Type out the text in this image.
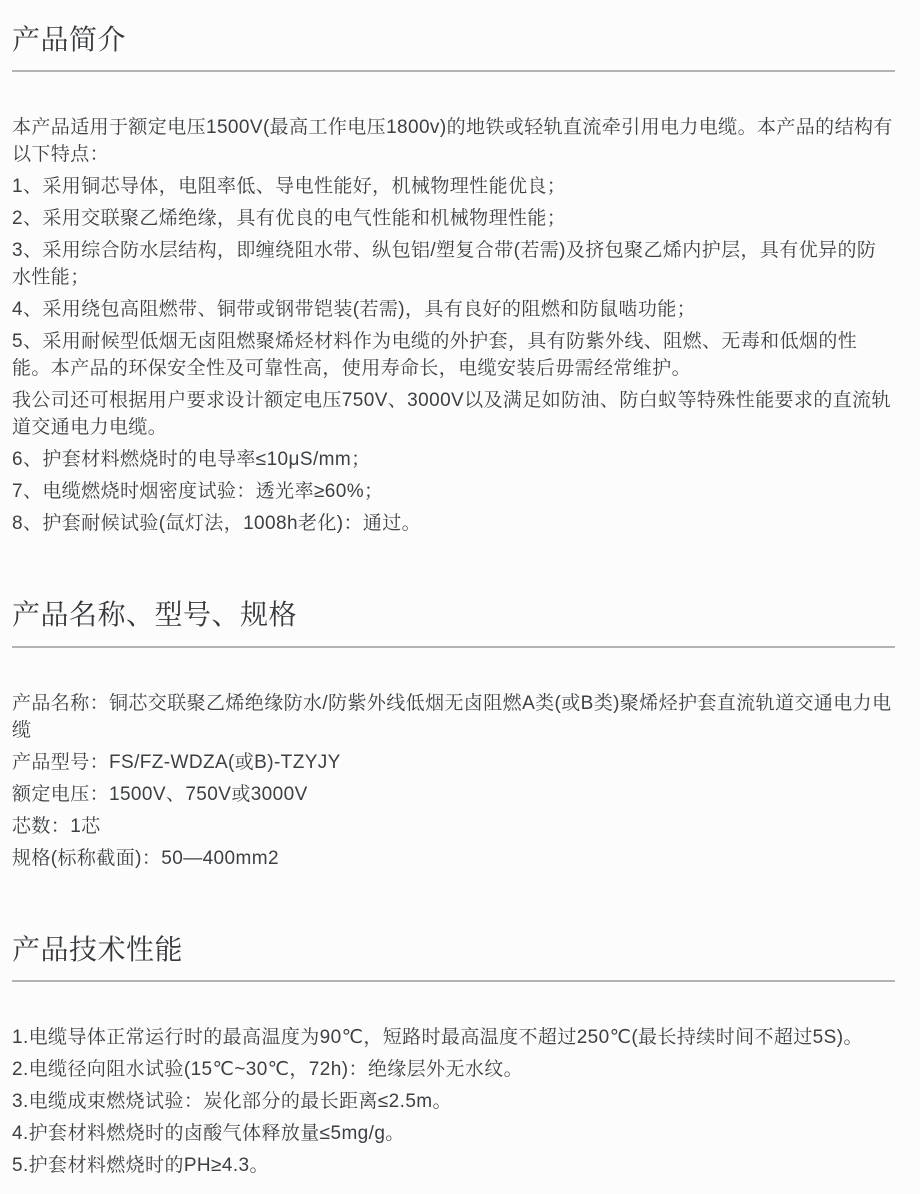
产品简介

本产品适用于额定电压1500V(最高工作电压1800v)的地铁或轻轨直流牵引用电力电缆。本产品的结构有以下特点：

1、采用铜芯导体，电阻率低、导电性能好，机械物理性能优良；

2、采用交联聚乙烯绝缘，具有优良的电气性能和机械物理性能；

3、采用综合防水层结构，即缠绕阻水带、纵包铝/塑复合带(若需)及挤包聚乙烯内护层，具有优异的防水性能；

4、采用绕包高阻燃带、铜带或钢带铠装(若需)，具有良好的阻燃和防鼠啮功能；

5、采用耐候型低烟无卤阻燃聚烯烃材料作为电缆的外护套，具有防紫外线、阻燃、无毒和低烟的性能。本产品的环保安全性及可靠性高，使用寿命长，电缆安装后毋需经常维护。

我公司还可根据用户要求设计额定电压750V、3000V以及满足如防油、防白蚁等特殊性能要求的直流轨道交通电力电缆。

6、护套材料燃烧时的电导率≤10μS/mm；

7、电缆燃烧时烟密度试验：透光率≥60%；

8、护套耐候试验(氙灯法，1008h老化)：通过。

产品名称、型号、规格

产品名称：铜芯交联聚乙烯绝缘防水/防紫外线低烟无卤阻燃A类(或B类)聚烯烃护套直流轨道交通电力电缆

产品型号：FS/FZ-WDZA(或B)-TZYJY

额定电压：1500V、750V或3000V

芯数：1芯

规格(标称截面)：50—400mm2

产品技术性能

1.电缆导体正常运行时的最高温度为90℃，短路时最高温度不超过250℃(最长持续时间不超过5S)。

2.电缆径向阻水试验(15℃~30℃，72h)：绝缘层外无水纹。

3.电缆成束燃烧试验：炭化部分的最长距离≤2.5m。

4.护套材料燃烧时的卤酸气体释放量≤5mg/g。

5.护套材料燃烧时的PH≥4.3。
